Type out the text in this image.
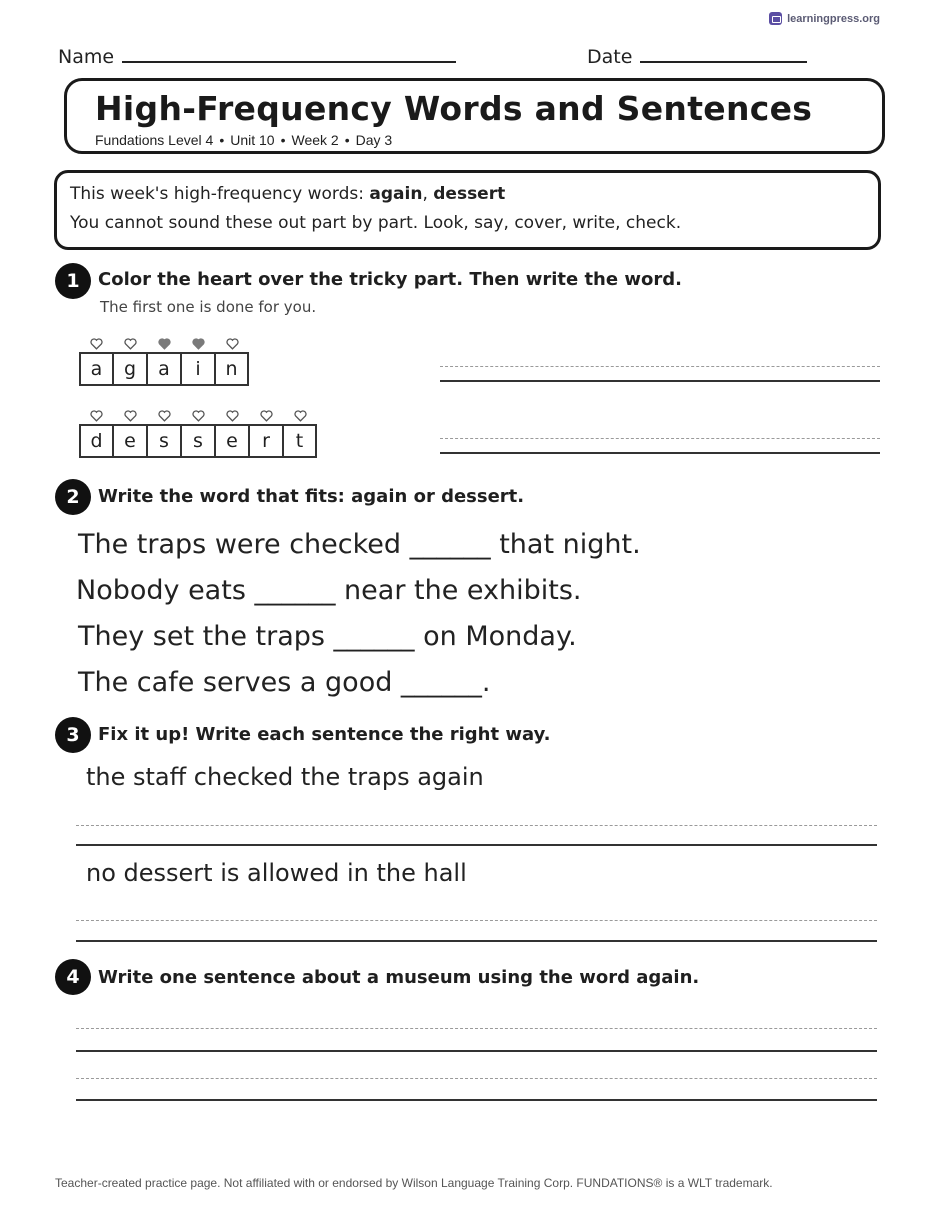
learningpress.org
Name	Date
High-Frequency Words and Sentences
Fundations Level 4 • Unit 10 • Week 2 • Day 3
This week's high-frequency words: again, dessert
You cannot sound these out part by part. Look, say, cover, write, check.
1	Color the heart over the tricky part. Then write the word.
The first one is done for you.
a	g	a	i	n
d	e	s	s	e	r	t
2	Write the word that fits: again or dessert.
The traps were checked ______ that night.
Nobody eats ______ near the exhibits.
They set the traps ______ on Monday.
The cafe serves a good ______.
3	Fix it up! Write each sentence the right way.
the staff checked the traps again
no dessert is allowed in the hall
4	Write one sentence about a museum using the word again.
Teacher-created practice page. Not affiliated with or endorsed by Wilson Language Training Corp. FUNDATIONS® is a WLT trademark.
